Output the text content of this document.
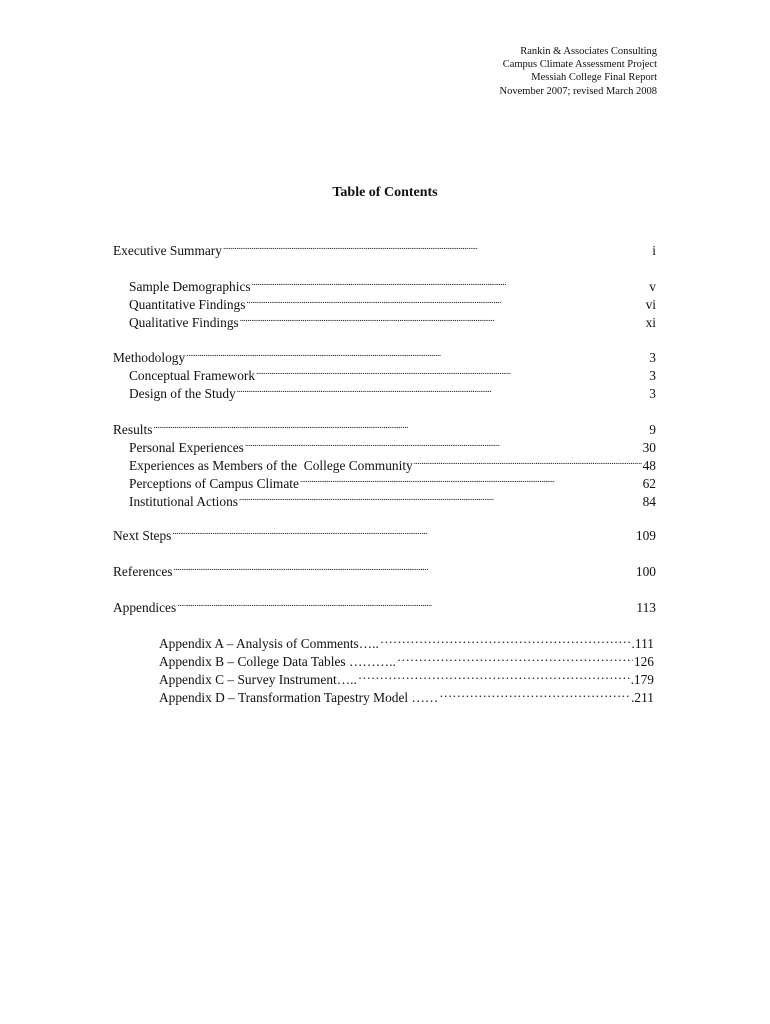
Rankin & Associates Consulting
Campus Climate Assessment Project
Messiah College Final Report
November 2007; revised March 2008
Table of Contents
Executive Summary . . .	i
Sample Demographics . . .	v
Quantitative Findings . . .	vi
Qualitative Findings . . .	xi
Methodology . . .	3
Conceptual Framework . . .	3
Design of the Study . . .	3
Results . . .	9
Personal Experiences . . .	30
Experiences as Members of the  College Community . . .	48
Perceptions of Campus Climate . . .	62
Institutional Actions . . .	84
Next Steps . . .	109
References . . .	100
Appendices . . .	113
Appendix A – Analysis of Comments….. …………………………………………………………………………………………………………………………………………………………	.111
Appendix B – College Data Tables ……….. …………………………………………………………………………………………………………………………………………………………	126
Appendix C – Survey Instrument….. …………………………………………………………………………………………………………………………………………………………	.179
Appendix D – Transformation Tapestry Model …… …………………………………………………………………………………………………………………………………………………………	.211
